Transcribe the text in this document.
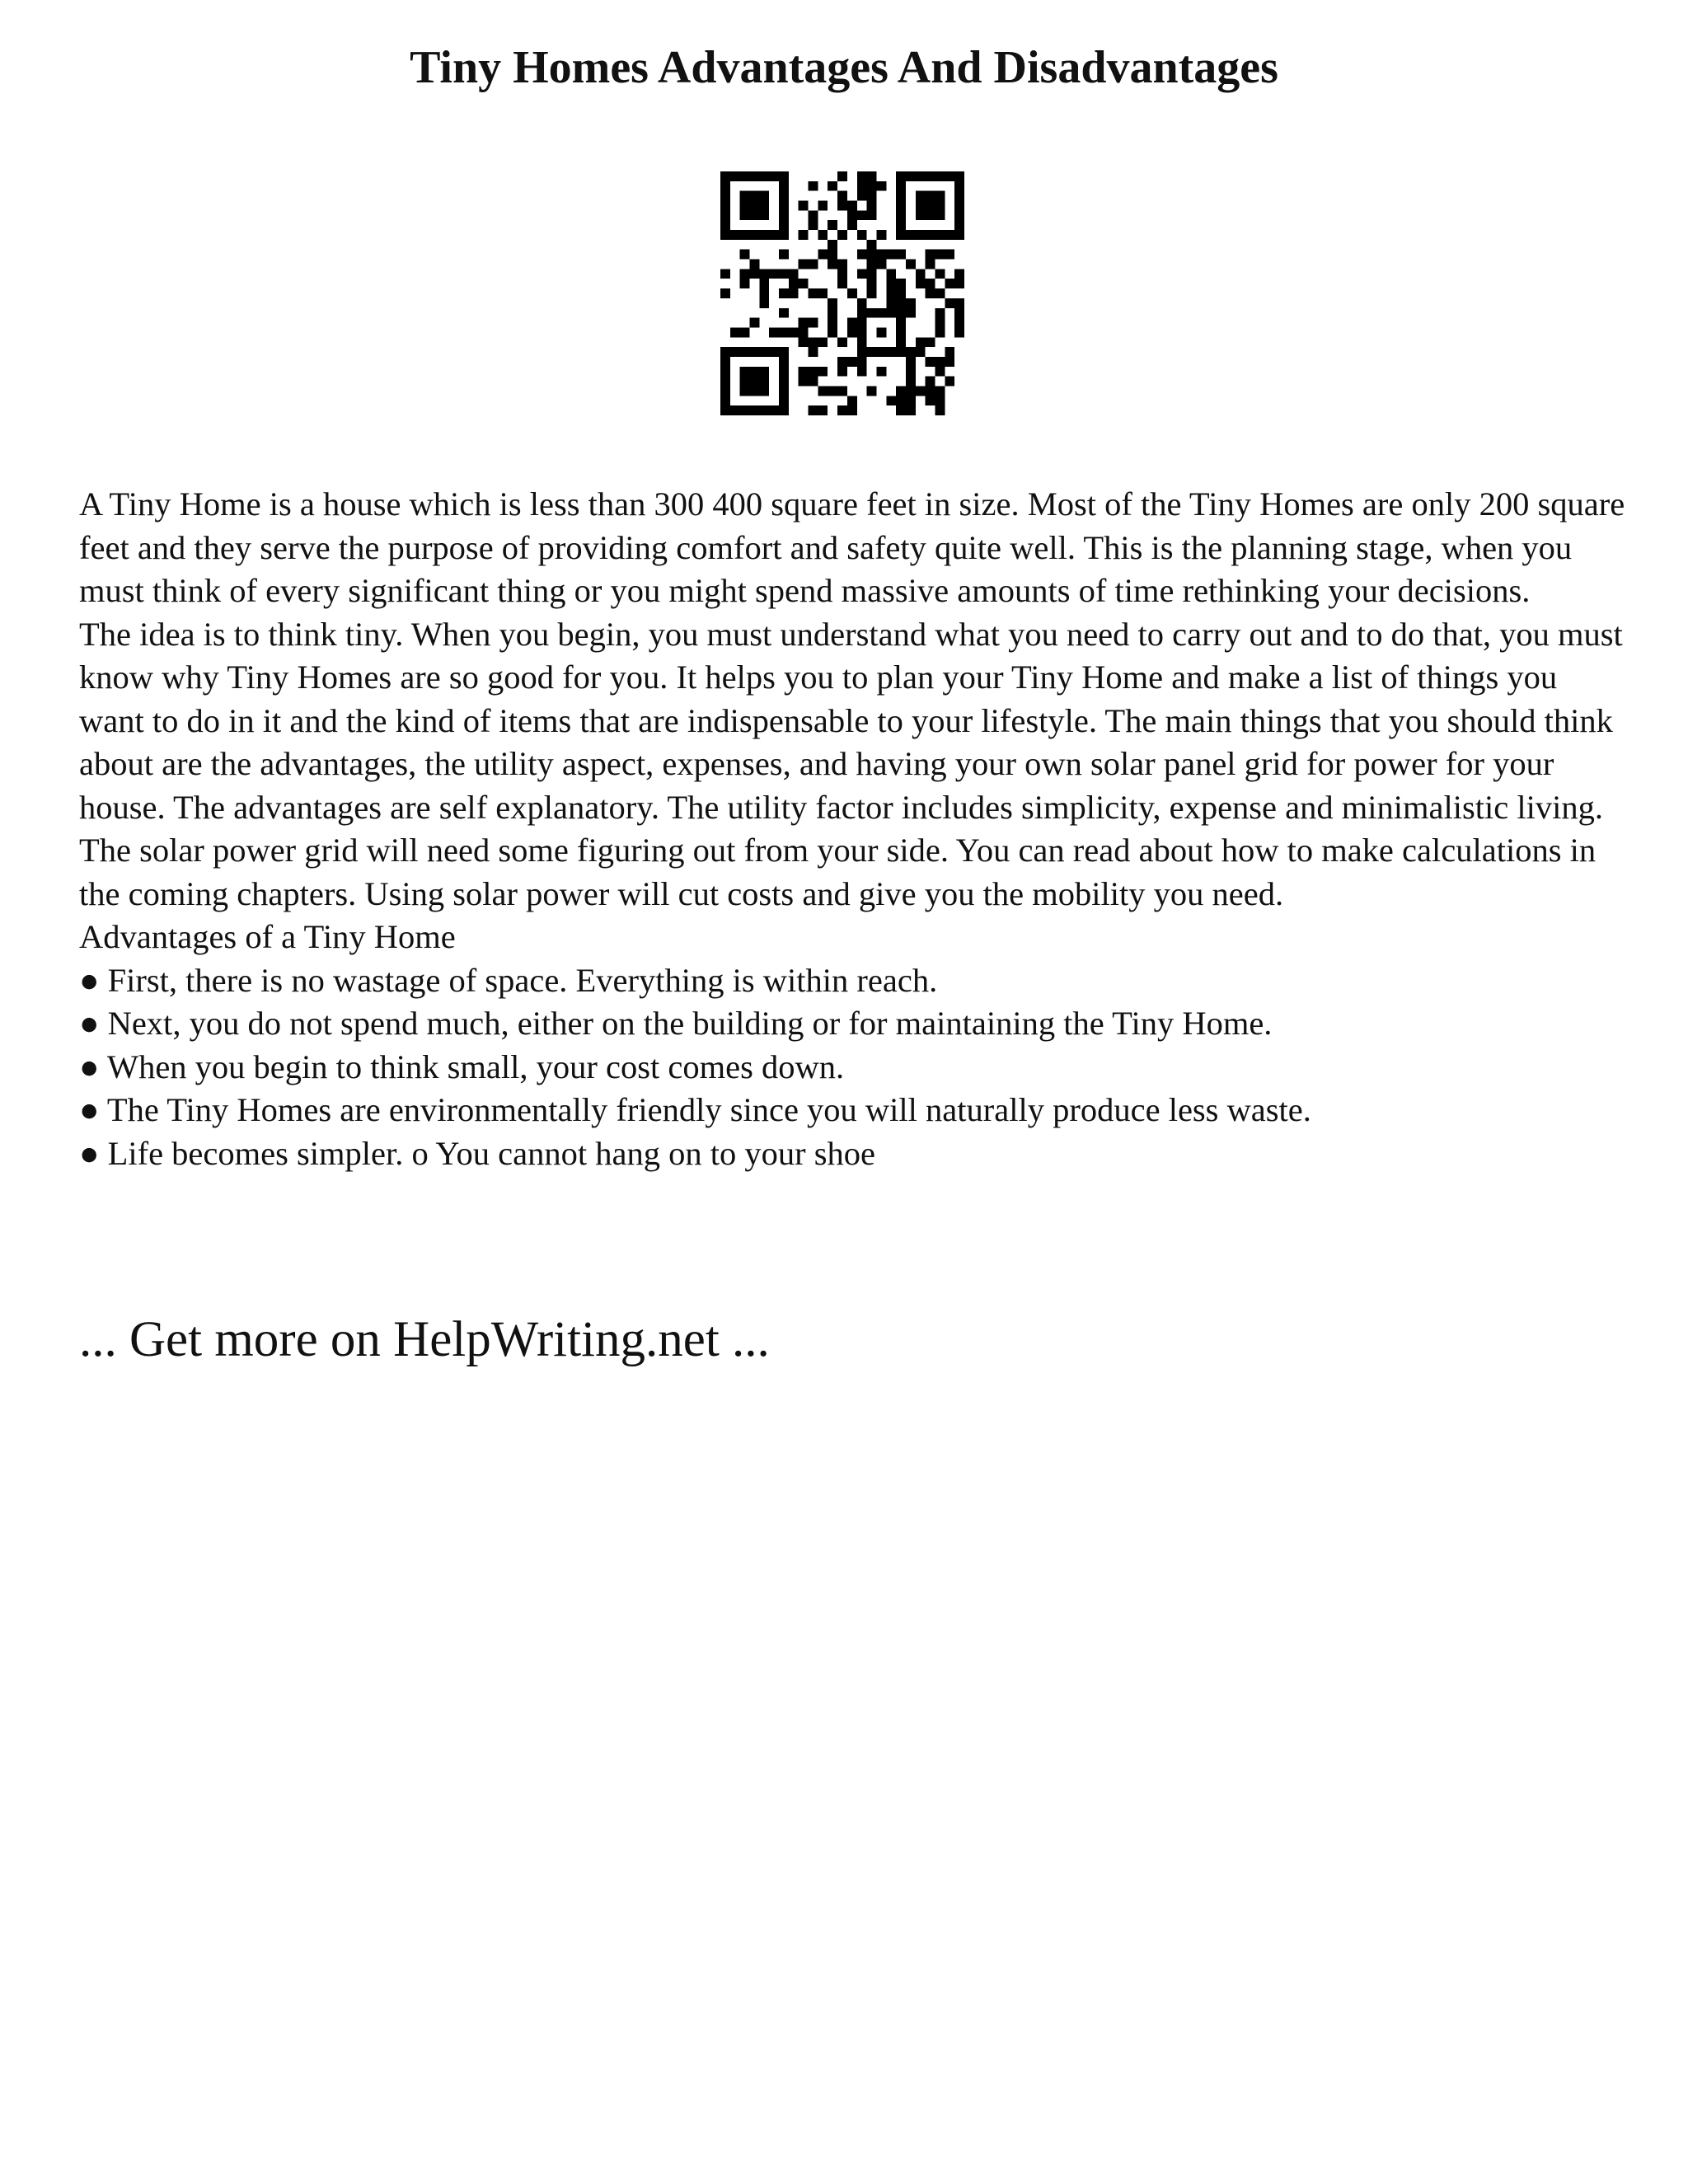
Tiny Homes Advantages And Disadvantages

A Tiny Home is a house which is less than 300 400 square feet in size. Most of the Tiny Homes are only 200 square feet and they serve the purpose of providing comfort and safety quite well. This is the planning stage, when you must think of every significant thing or you might spend massive amounts of time rethinking your decisions.

The idea is to think tiny. When you begin, you must understand what you need to carry out and to do that, you must know why Tiny Homes are so good for you. It helps you to plan your Tiny Home and make a list of things you want to do in it and the kind of items that are indispensable to your lifestyle. The main things that you should think about are the advantages, the utility aspect, expenses, and having your own solar panel grid for power for your house. The advantages are self explanatory. The utility factor includes simplicity, expense and minimalistic living. The solar power grid will need some figuring out from your side. You can read about how to make calculations in the coming chapters. Using solar power will cut costs and give you the mobility you need.

Advantages of a Tiny Home
● First, there is no wastage of space. Everything is within reach.
● Next, you do not spend much, either on the building or for maintaining the Tiny Home.
● When you begin to think small, your cost comes down.
● The Tiny Homes are environmentally friendly since you will naturally produce less waste.
● Life becomes simpler. o You cannot hang on to your shoe
... Get more on HelpWriting.net ...
